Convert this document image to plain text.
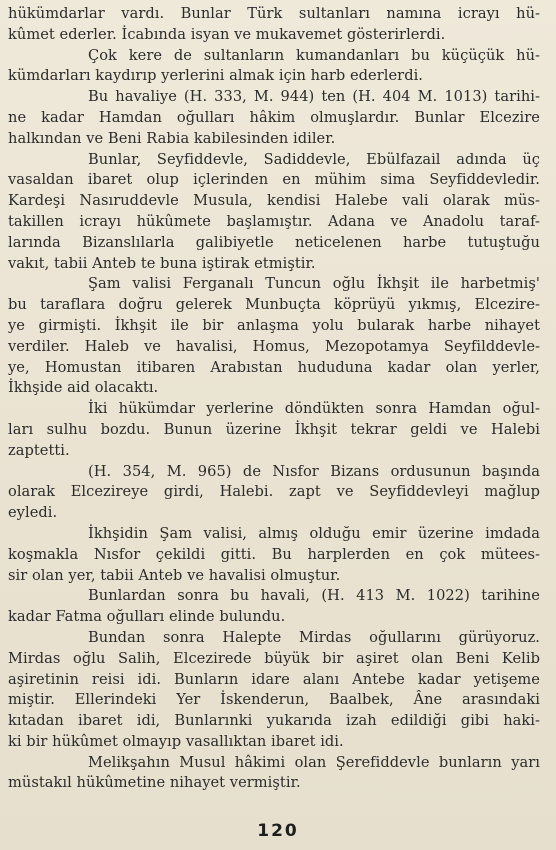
hükümdarlar vardı. Bunlar Türk sultanları namına icrayı hü-
kûmet ederler. İcabında isyan ve mukavemet gösterirlerdi.
Çok kere de sultanların kumandanları bu küçüçük hü-
kümdarları kaydırıp yerlerini almak için harb ederlerdi.
Bu havaliye (H. 333, M. 944) ten (H. 404 M. 1013) tarihi-
ne kadar Hamdan oğulları hâkim olmuşlardır. Bunlar Elcezire
halkından ve Beni Rabia kabilesinden idiler.
Bunlar, Seyfiddevle, Sadiddevle, Ebülfazail adında üç
vasaldan ibaret olup içlerinden en mühim sima Seyfiddevledir.
Kardeşi Nasıruddevle Musula, kendisi Halebe vali olarak müs-
takillen icrayı hükûmete başlamıştır. Adana ve Anadolu taraf-
larında Bizanslılarla galibiyetle neticelenen harbe tutuştuğu
vakıt, tabii Anteb te buna iştirak etmiştir.
Şam valisi Ferganalı Tuncun oğlu İkhşit ile harbetmiş'
bu taraflara doğru gelerek Munbuçta köprüyü yıkmış, Elcezire-
ye girmişti. İkhşit ile bir anlaşma yolu bularak harbe nihayet
verdiler. Haleb ve havalisi, Homus, Mezopotamya Seyfilddevle-
ye, Homustan itibaren Arabıstan hududuna kadar olan yerler,
İkhşide aid olacaktı.
İki hükümdar yerlerine döndükten sonra Hamdan oğul-
ları sulhu bozdu. Bunun üzerine İkhşit tekrar geldi ve Halebi
zaptetti.
(H. 354, M. 965) de Nısfor Bizans ordusunun başında
olarak Elcezireye girdi, Halebi. zapt ve Seyfiddevleyi mağlup
eyledi.
İkhşidin Şam valisi, almış olduğu emir üzerine imdada
koşmakla Nısfor çekildi gitti. Bu harplerden en çok mütees-
sir olan yer, tabii Anteb ve havalisi olmuştur.
Bunlardan sonra bu havali, (H. 413 M. 1022) tarihine
kadar Fatma oğulları elinde bulundu.
Bundan sonra Halepte Mirdas oğullarını gürüyoruz.
Mirdas oğlu Salih, Elcezirede büyük bir aşiret olan Beni Kelib
aşiretinin reisi idi. Bunların idare alanı Antebe kadar yetişeme
miştir. Ellerindeki Yer İskenderun, Baalbek, Âne arasındaki
kıtadan ibaret idi, Bunlarınki yukarıda izah edildiği gibi haki-
ki bir hükûmet olmayıp vasallıktan ibaret idi.
Melikşahın Musul hâkimi olan Şerefiddevle bunların yarı
müstakıl hükûmetine nihayet vermiştir.
120
